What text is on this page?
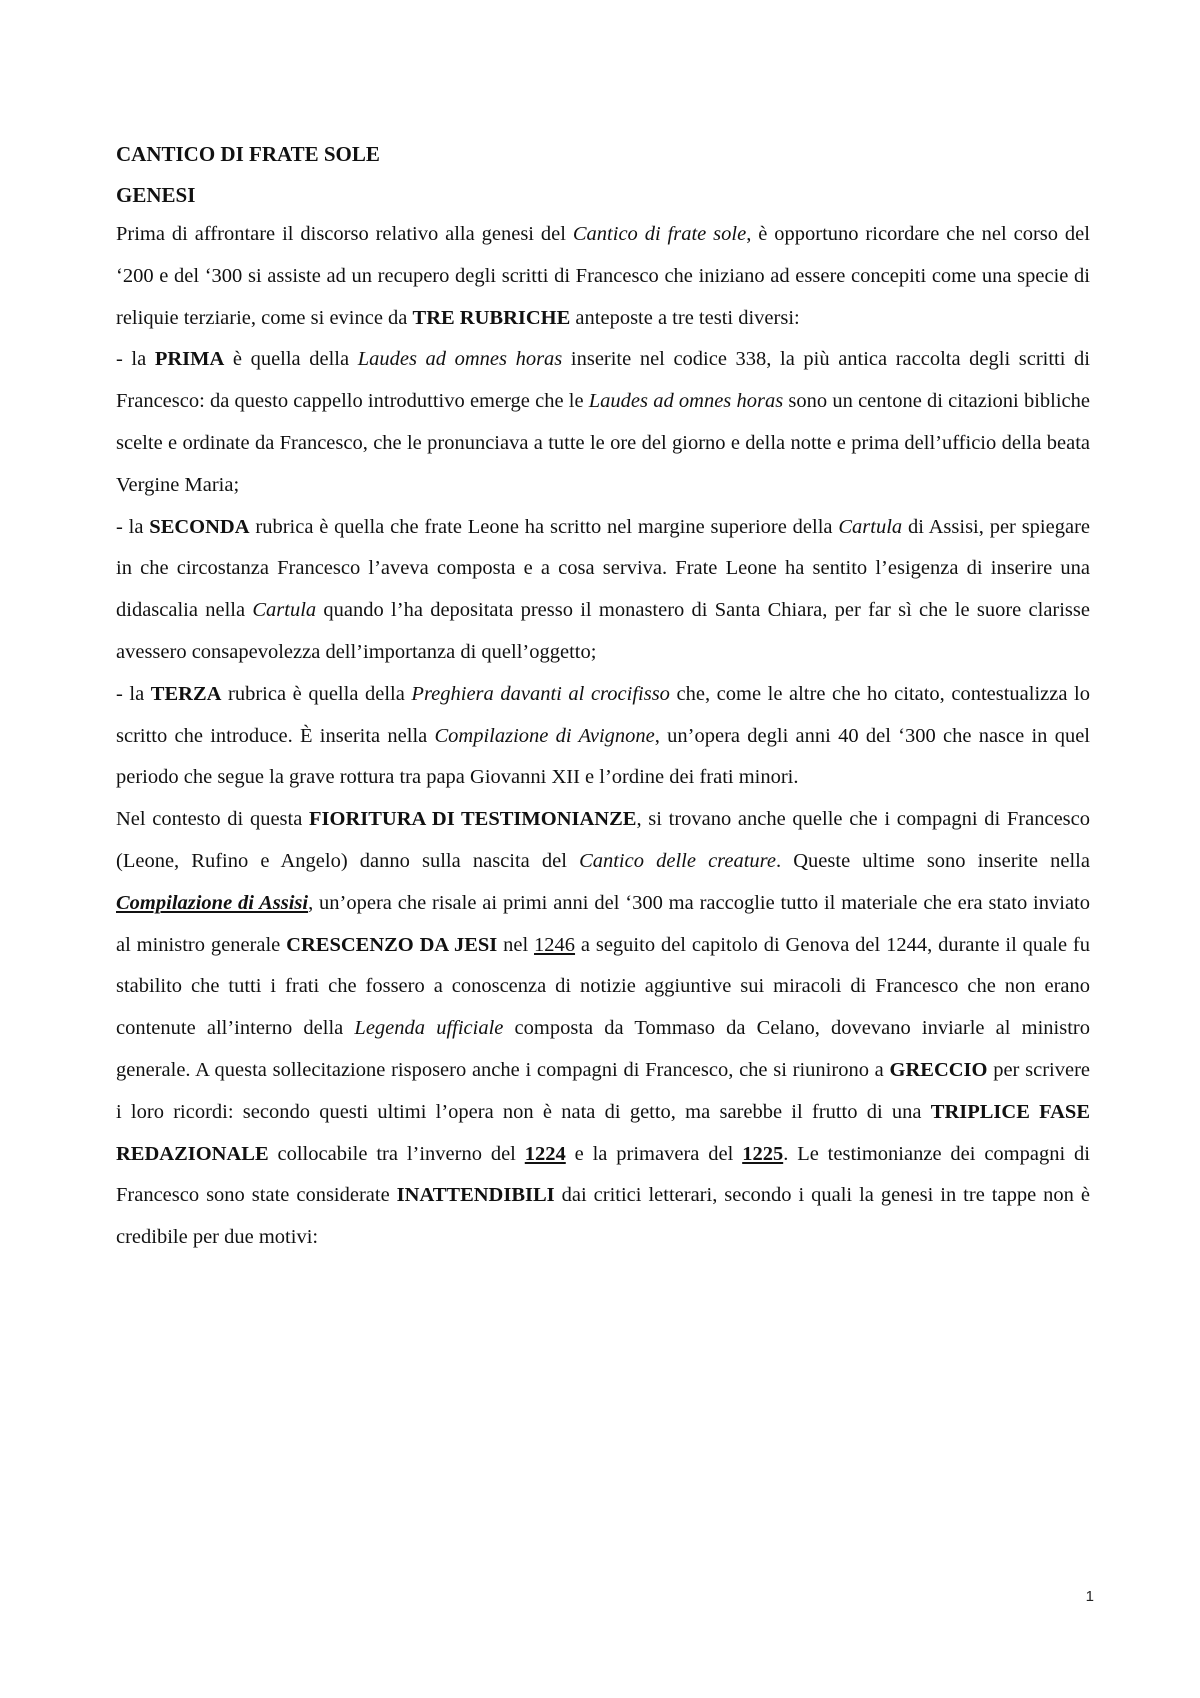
CANTICO DI FRATE SOLE
GENESI

Prima di affrontare il discorso relativo alla genesi del Cantico di frate sole, è opportuno ricordare che nel corso del ‘200 e del ‘300 si assiste ad un recupero degli scritti di Francesco che iniziano ad essere concepiti come una specie di reliquie terziarie, come si evince da TRE RUBRICHE anteposte a tre testi diversi:

- la PRIMA è quella della Laudes ad omnes horas inserite nel codice 338, la più antica raccolta degli scritti di Francesco: da questo cappello introduttivo emerge che le Laudes ad omnes horas sono un centone di citazioni bibliche scelte e ordinate da Francesco, che le pronunciava a tutte le ore del giorno e della notte e prima dell’ufficio della beata Vergine Maria;

- la SECONDA rubrica è quella che frate Leone ha scritto nel margine superiore della Cartula di Assisi, per spiegare in che circostanza Francesco l’aveva composta e a cosa serviva. Frate Leone ha sentito l’esigenza di inserire una didascalia nella Cartula quando l’ha depositata presso il monastero di Santa Chiara, per far sì che le suore clarisse avessero consapevolezza dell’importanza di quell’oggetto;

- la TERZA rubrica è quella della Preghiera davanti al crocifisso che, come le altre che ho citato, contestualizza lo scritto che introduce. È inserita nella Compilazione di Avignone, un’opera degli anni 40 del ‘300 che nasce in quel periodo che segue la grave rottura tra papa Giovanni XII e l’ordine dei frati minori.

Nel contesto di questa FIORITURA DI TESTIMONIANZE, si trovano anche quelle che i compagni di Francesco (Leone, Rufino e Angelo) danno sulla nascita del Cantico delle creature. Queste ultime sono inserite nella Compilazione di Assisi, un’opera che risale ai primi anni del ‘300 ma raccoglie tutto il materiale che era stato inviato al ministro generale CRESCENZO DA JESI nel 1246 a seguito del capitolo di Genova del 1244, durante il quale fu stabilito che tutti i frati che fossero a conoscenza di notizie aggiuntive sui miracoli di Francesco che non erano contenute all’interno della Legenda ufficiale composta da Tommaso da Celano, dovevano inviarle al ministro generale. A questa sollecitazione risposero anche i compagni di Francesco, che si riunirono a GRECCIO per scrivere i loro ricordi: secondo questi ultimi l’opera non è nata di getto, ma sarebbe il frutto di una TRIPLICE FASE REDAZIONALE collocabile tra l’inverno del 1224 e la primavera del 1225. Le testimonianze dei compagni di Francesco sono state considerate INATTENDIBILI dai critici letterari, secondo i quali la genesi in tre tappe non è credibile per due motivi:

1
